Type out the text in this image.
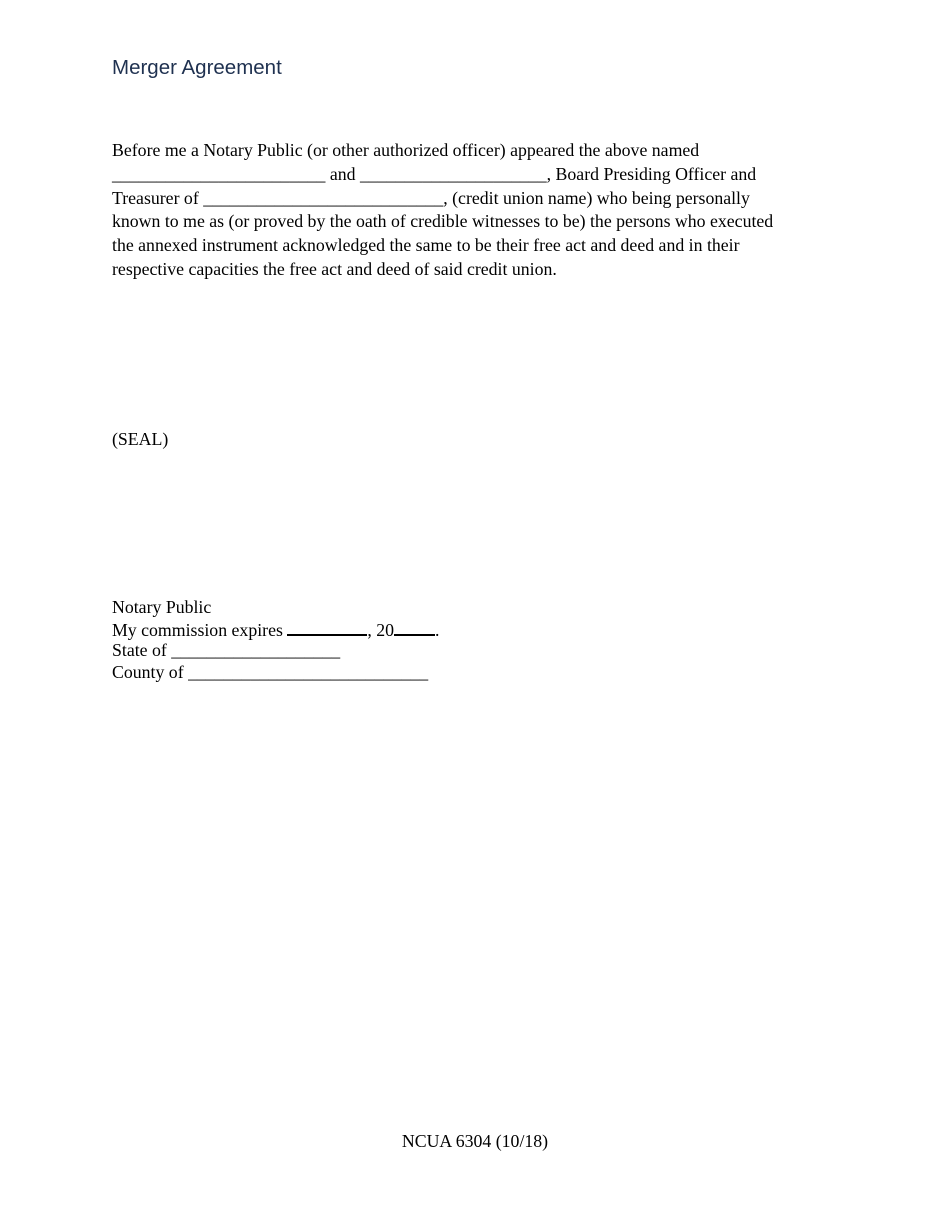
Merger Agreement
Before me a Notary Public (or other authorized officer) appeared the above named
________________________ and _____________________, Board Presiding Officer and
Treasurer of ___________________________, (credit union name) who being personally
known to me as (or proved by the oath of credible witnesses to be) the persons who executed
the annexed instrument acknowledged the same to be their free act and deed and in their
respective capacities the free act and deed of said credit union.
(SEAL)
Notary Public
My commission expires	, 20 .
State of ___________________
County of ___________________________
NCUA 6304 (10/18)
